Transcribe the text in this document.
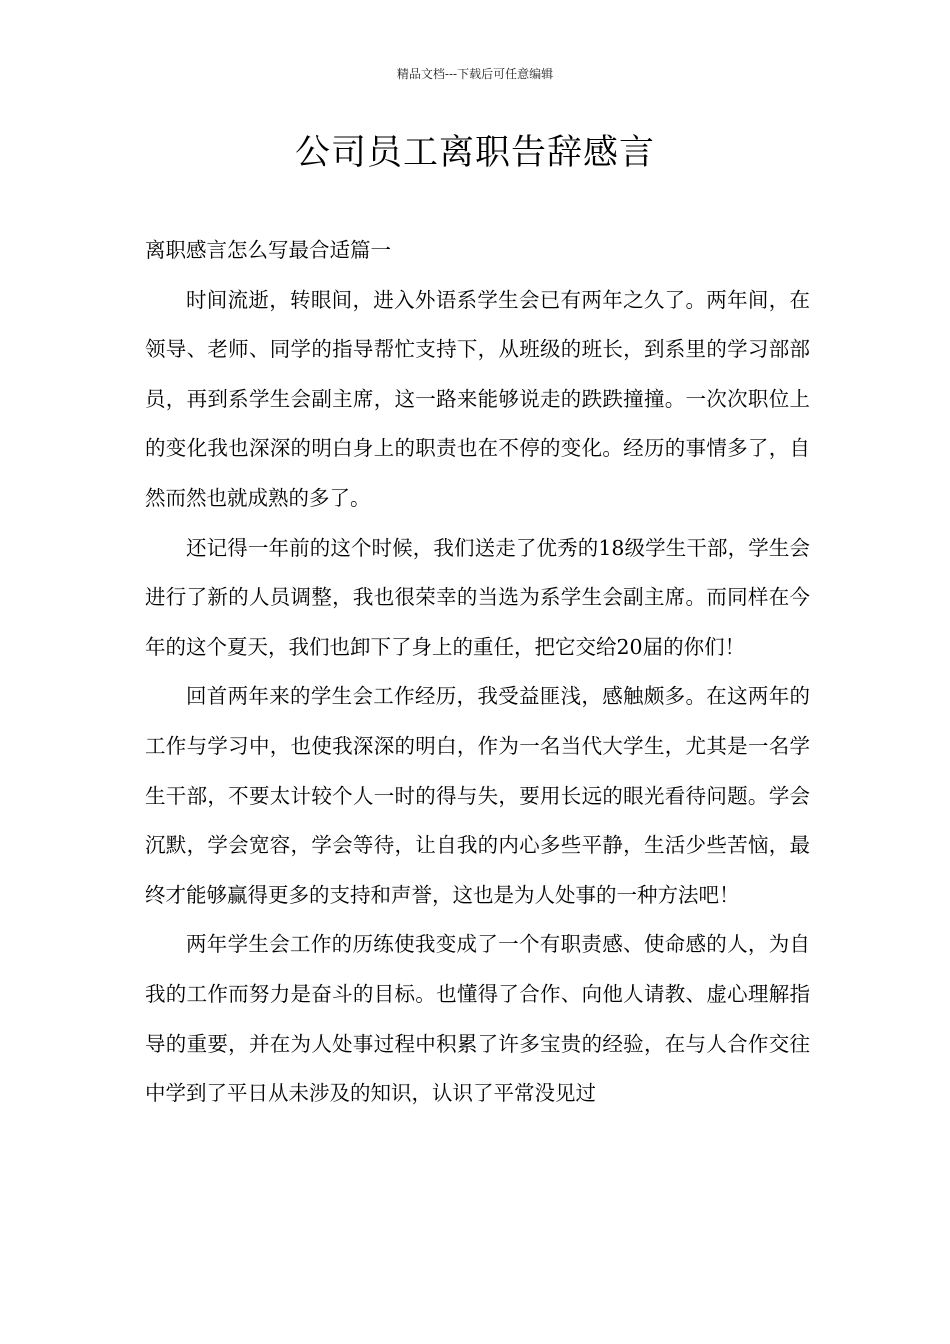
精品文档---下载后可任意编辑
公司员工离职告辞感言

离职感言怎么写最合适篇一

时间流逝，转眼间，进入外语系学生会已有两年之久了。两年间，在领导、老师、同学的指导帮忙支持下，从班级的班长，到系里的学习部部员，再到系学生会副主席，这一路来能够说走的跌跌撞撞。一次次职位上的变化我也深深的明白身上的职责也在不停的变化。经历的事情多了，自然而然也就成熟的多了。

还记得一年前的这个时候，我们送走了优秀的18级学生干部，学生会进行了新的人员调整，我也很荣幸的当选为系学生会副主席。而同样在今年的这个夏天，我们也卸下了身上的重任，把它交给20届的你们！

回首两年来的学生会工作经历，我受益匪浅，感触颇多。在这两年的工作与学习中，也使我深深的明白，作为一名当代大学生，尤其是一名学生干部，不要太计较个人一时的得与失，要用长远的眼光看待问题。学会沉默，学会宽容，学会等待，让自我的内心多些平静，生活少些苦恼，最终才能够赢得更多的支持和声誉，这也是为人处事的一种方法吧！

两年学生会工作的历练使我变成了一个有职责感、使命感的人，为自我的工作而努力是奋斗的目标。也懂得了合作、向他人请教、虚心理解指导的重要，并在为人处事过程中积累了许多宝贵的经验，在与人合作交往中学到了平日从未涉及的知识，认识了平常没见过
